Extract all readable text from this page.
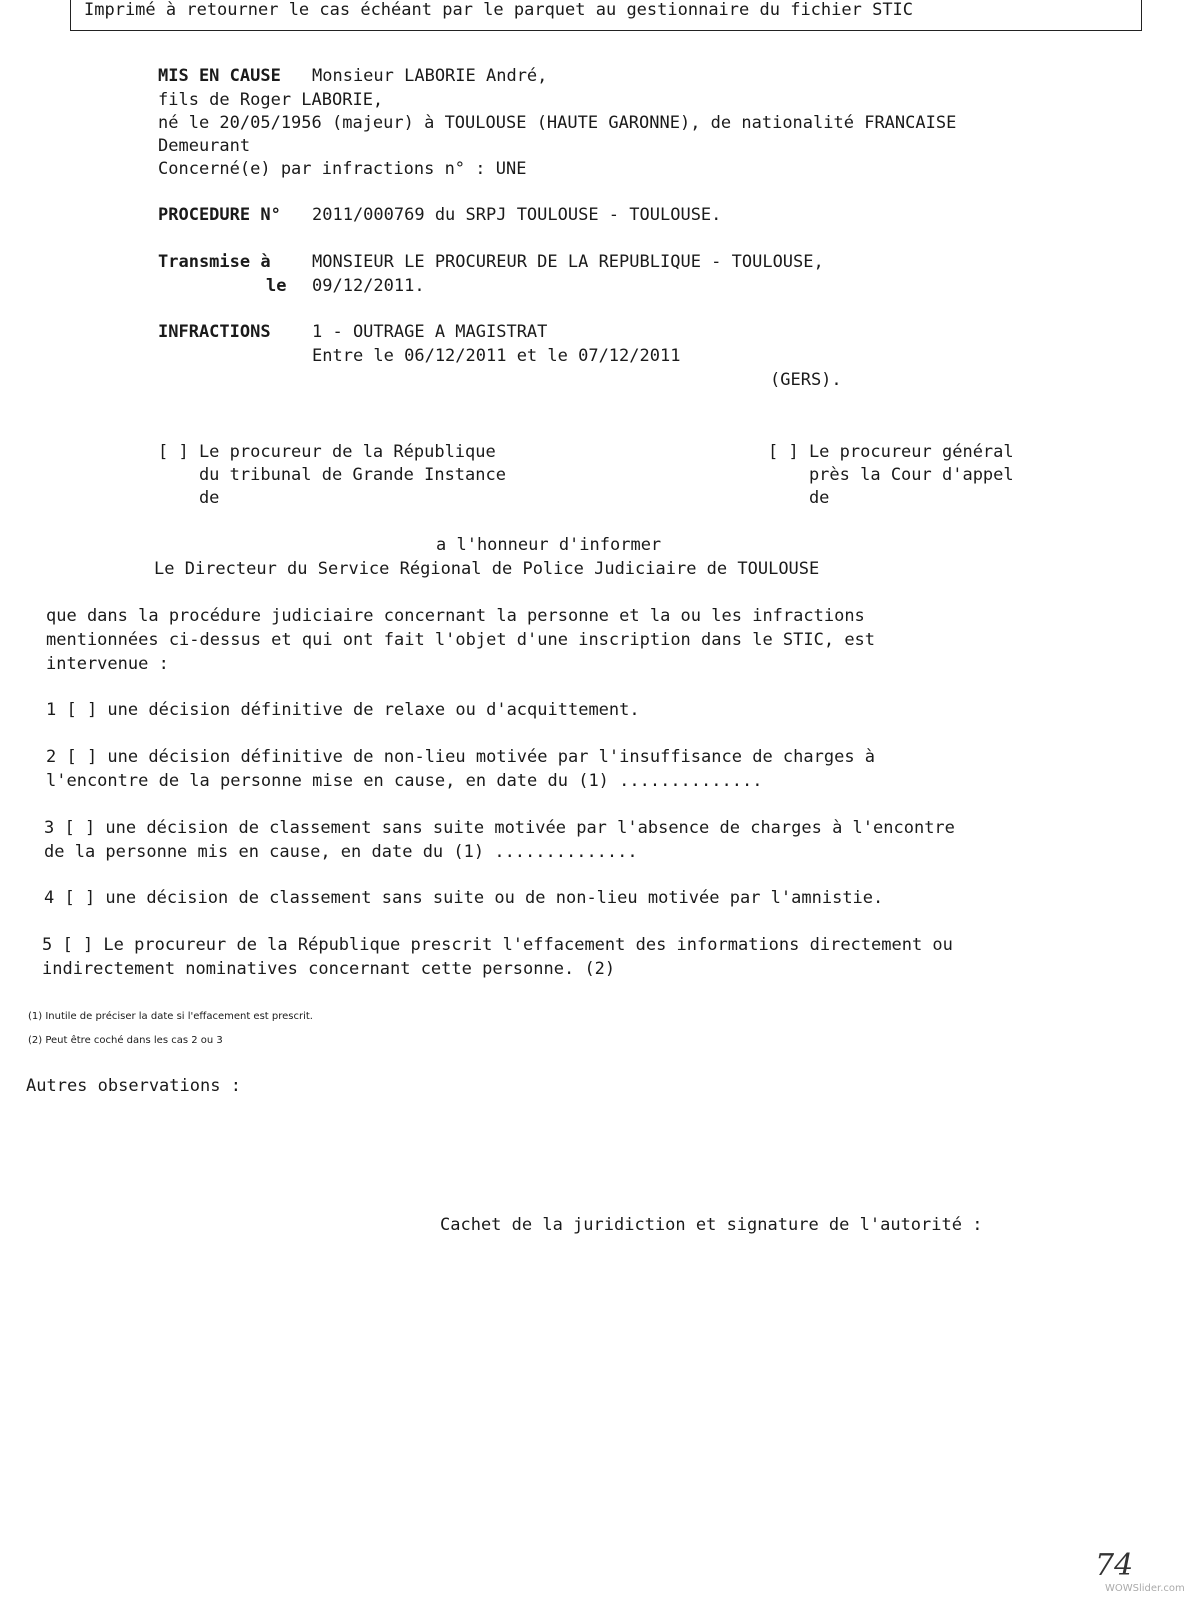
Imprimé à retourner le cas échéant par le parquet au gestionnaire du fichier STIC
MIS EN CAUSE Monsieur LABORIE André,
fils de Roger LABORIE,
né le 20/05/1956 (majeur) à TOULOUSE (HAUTE GARONNE), de nationalité FRANCAISE
Demeurant
Concerné(e) par infractions n° : UNE
PROCEDURE N° 2011/000769 du SRPJ TOULOUSE - TOULOUSE.
Transmise à MONSIEUR LE PROCUREUR DE LA REPUBLIQUE - TOULOUSE,
le 09/12/2011.
INFRACTIONS 1 - OUTRAGE A MAGISTRAT
Entre le 06/12/2011 et le 07/12/2011
(GERS).
[ ] Le procureur de la République
du tribunal de Grande Instance
de
[ ] Le procureur général
près la Cour d'appel
de
a l'honneur d'informer
Le Directeur du Service Régional de Police Judiciaire de TOULOUSE
que dans la procédure judiciaire concernant la personne et la ou les infractions
mentionnées ci-dessus et qui ont fait l'objet d'une inscription dans le STIC, est
intervenue :
1 [ ] une décision définitive de relaxe ou d'acquittement.
2 [ ] une décision définitive de non-lieu motivée par l'insuffisance de charges à
l'encontre de la personne mise en cause, en date du (1) ..............
3 [ ] une décision de classement sans suite motivée par l'absence de charges à l'encontre
de la personne mis en cause, en date du (1) ..............
4 [ ] une décision de classement sans suite ou de non-lieu motivée par l'amnistie.
5 [ ] Le procureur de la République prescrit l'effacement des informations directement ou
indirectement nominatives concernant cette personne. (2)
(1) Inutile de préciser la date si l'effacement est prescrit.
(2) Peut être coché dans les cas 2 ou 3
Autres observations :
Cachet de la juridiction et signature de l'autorité :
74
WOWSlider.com
